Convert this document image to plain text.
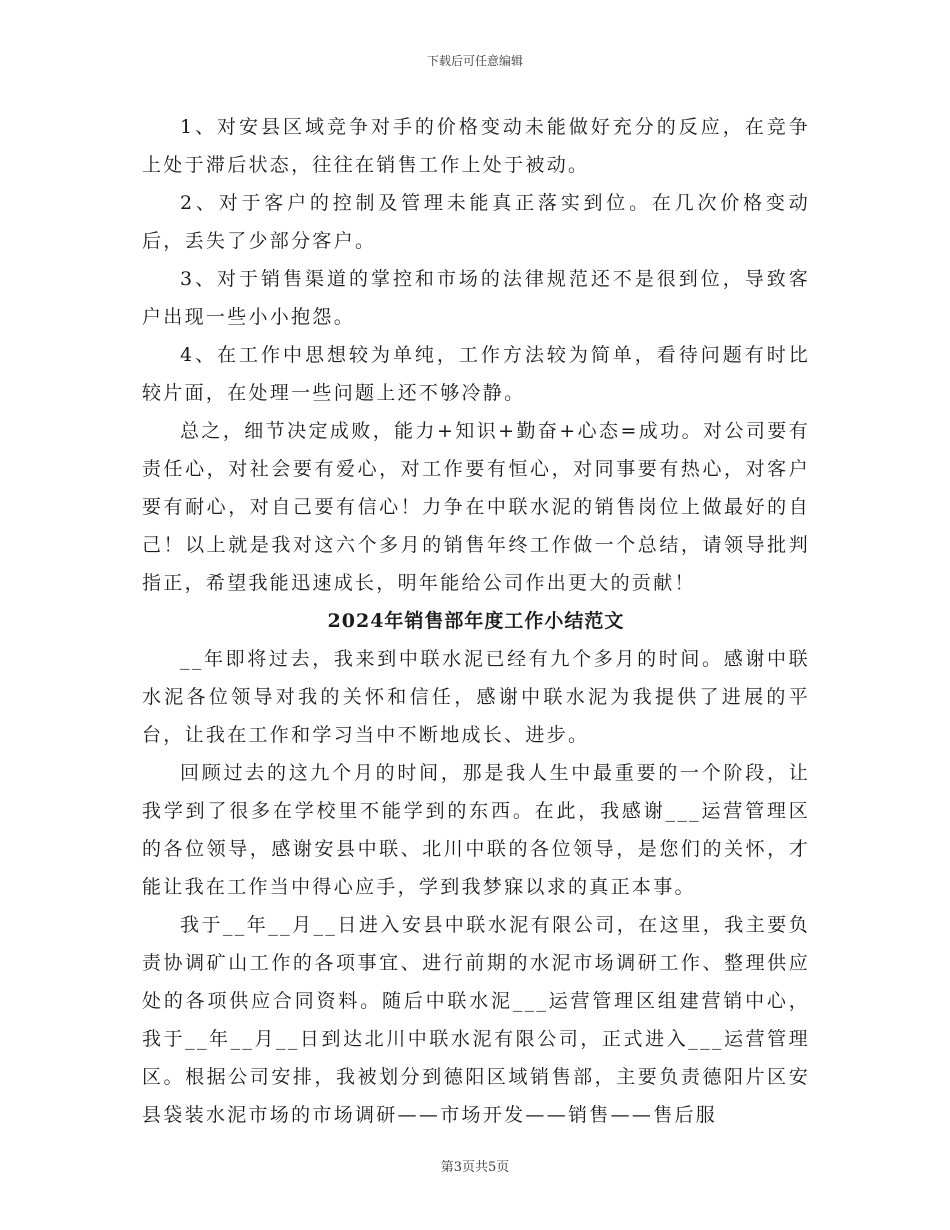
下载后可任意编辑

1、对安县区域竞争对手的价格变动未能做好充分的反应，在竞争上处于滞后状态，往往在销售工作上处于被动。

2、对于客户的控制及管理未能真正落实到位。在几次价格变动后，丢失了少部分客户。

3、对于销售渠道的掌控和市场的法律规范还不是很到位，导致客户出现一些小小抱怨。

4、在工作中思想较为单纯，工作方法较为简单，看待问题有时比较片面，在处理一些问题上还不够冷静。

总之，细节决定成败，能力+知识+勤奋+心态=成功。对公司要有责任心，对社会要有爱心，对工作要有恒心，对同事要有热心，对客户要有耐心，对自己要有信心！力争在中联水泥的销售岗位上做最好的自己！以上就是我对这六个多月的销售年终工作做一个总结，请领导批判指正，希望我能迅速成长，明年能给公司作出更大的贡献！

2024年销售部年度工作小结范文

__年即将过去，我来到中联水泥已经有九个多月的时间。感谢中联水泥各位领导对我的关怀和信任，感谢中联水泥为我提供了进展的平台，让我在工作和学习当中不断地成长、进步。

回顾过去的这九个月的时间，那是我人生中最重要的一个阶段，让我学到了很多在学校里不能学到的东西。在此，我感谢___运营管理区的各位领导，感谢安县中联、北川中联的各位领导，是您们的关怀，才能让我在工作当中得心应手，学到我梦寐以求的真正本事。

我于__年__月__日进入安县中联水泥有限公司，在这里，我主要负责协调矿山工作的各项事宜、进行前期的水泥市场调研工作、整理供应处的各项供应合同资料。随后中联水泥___运营管理区组建营销中心，我于__年__月__日到达北川中联水泥有限公司，正式进入___运营管理区。根据公司安排，我被划分到德阳区域销售部，主要负责德阳片区安县袋装水泥市场的市场调研——市场开发——销售——售后服

第3页共5页
